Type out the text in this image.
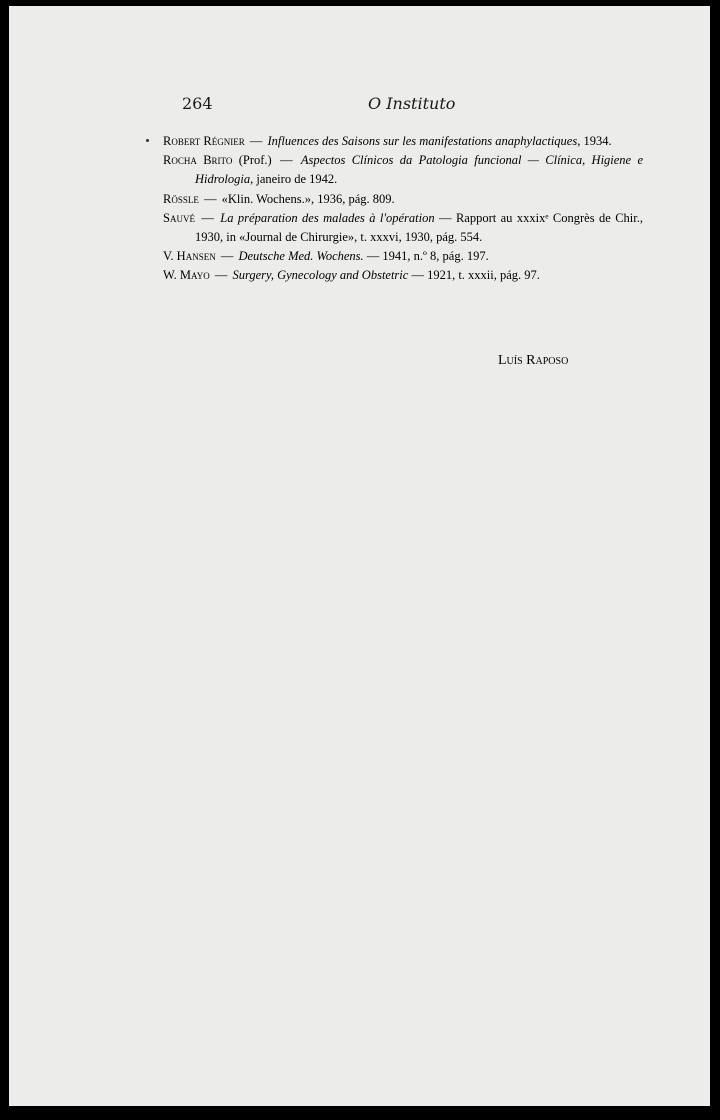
264	O Instituto

Robert Régnier — Influences des Saisons sur les manifestations anaphylactiques, 1934.

Rocha Brito (Prof.) — Aspectos Clínicos da Patologia funcional — Clínica, Higiene e Hidrologia, janeiro de 1942.

Rössle — «Klin. Wochens.», 1936, pág. 809.

Sauvé — La préparation des malades à l'opération — Rapport au xxxixᵉ Congrès de Chir., 1930, in «Journal de Chirurgie», t. xxxvi, 1930, pág. 554.

V. Hansen — Deutsche Med. Wochens. — 1941, n.º 8, pág. 197.

W. Mayo — Surgery, Gynecology and Obstetric — 1921, t. xxxii, pág. 97.

Luís Raposo
